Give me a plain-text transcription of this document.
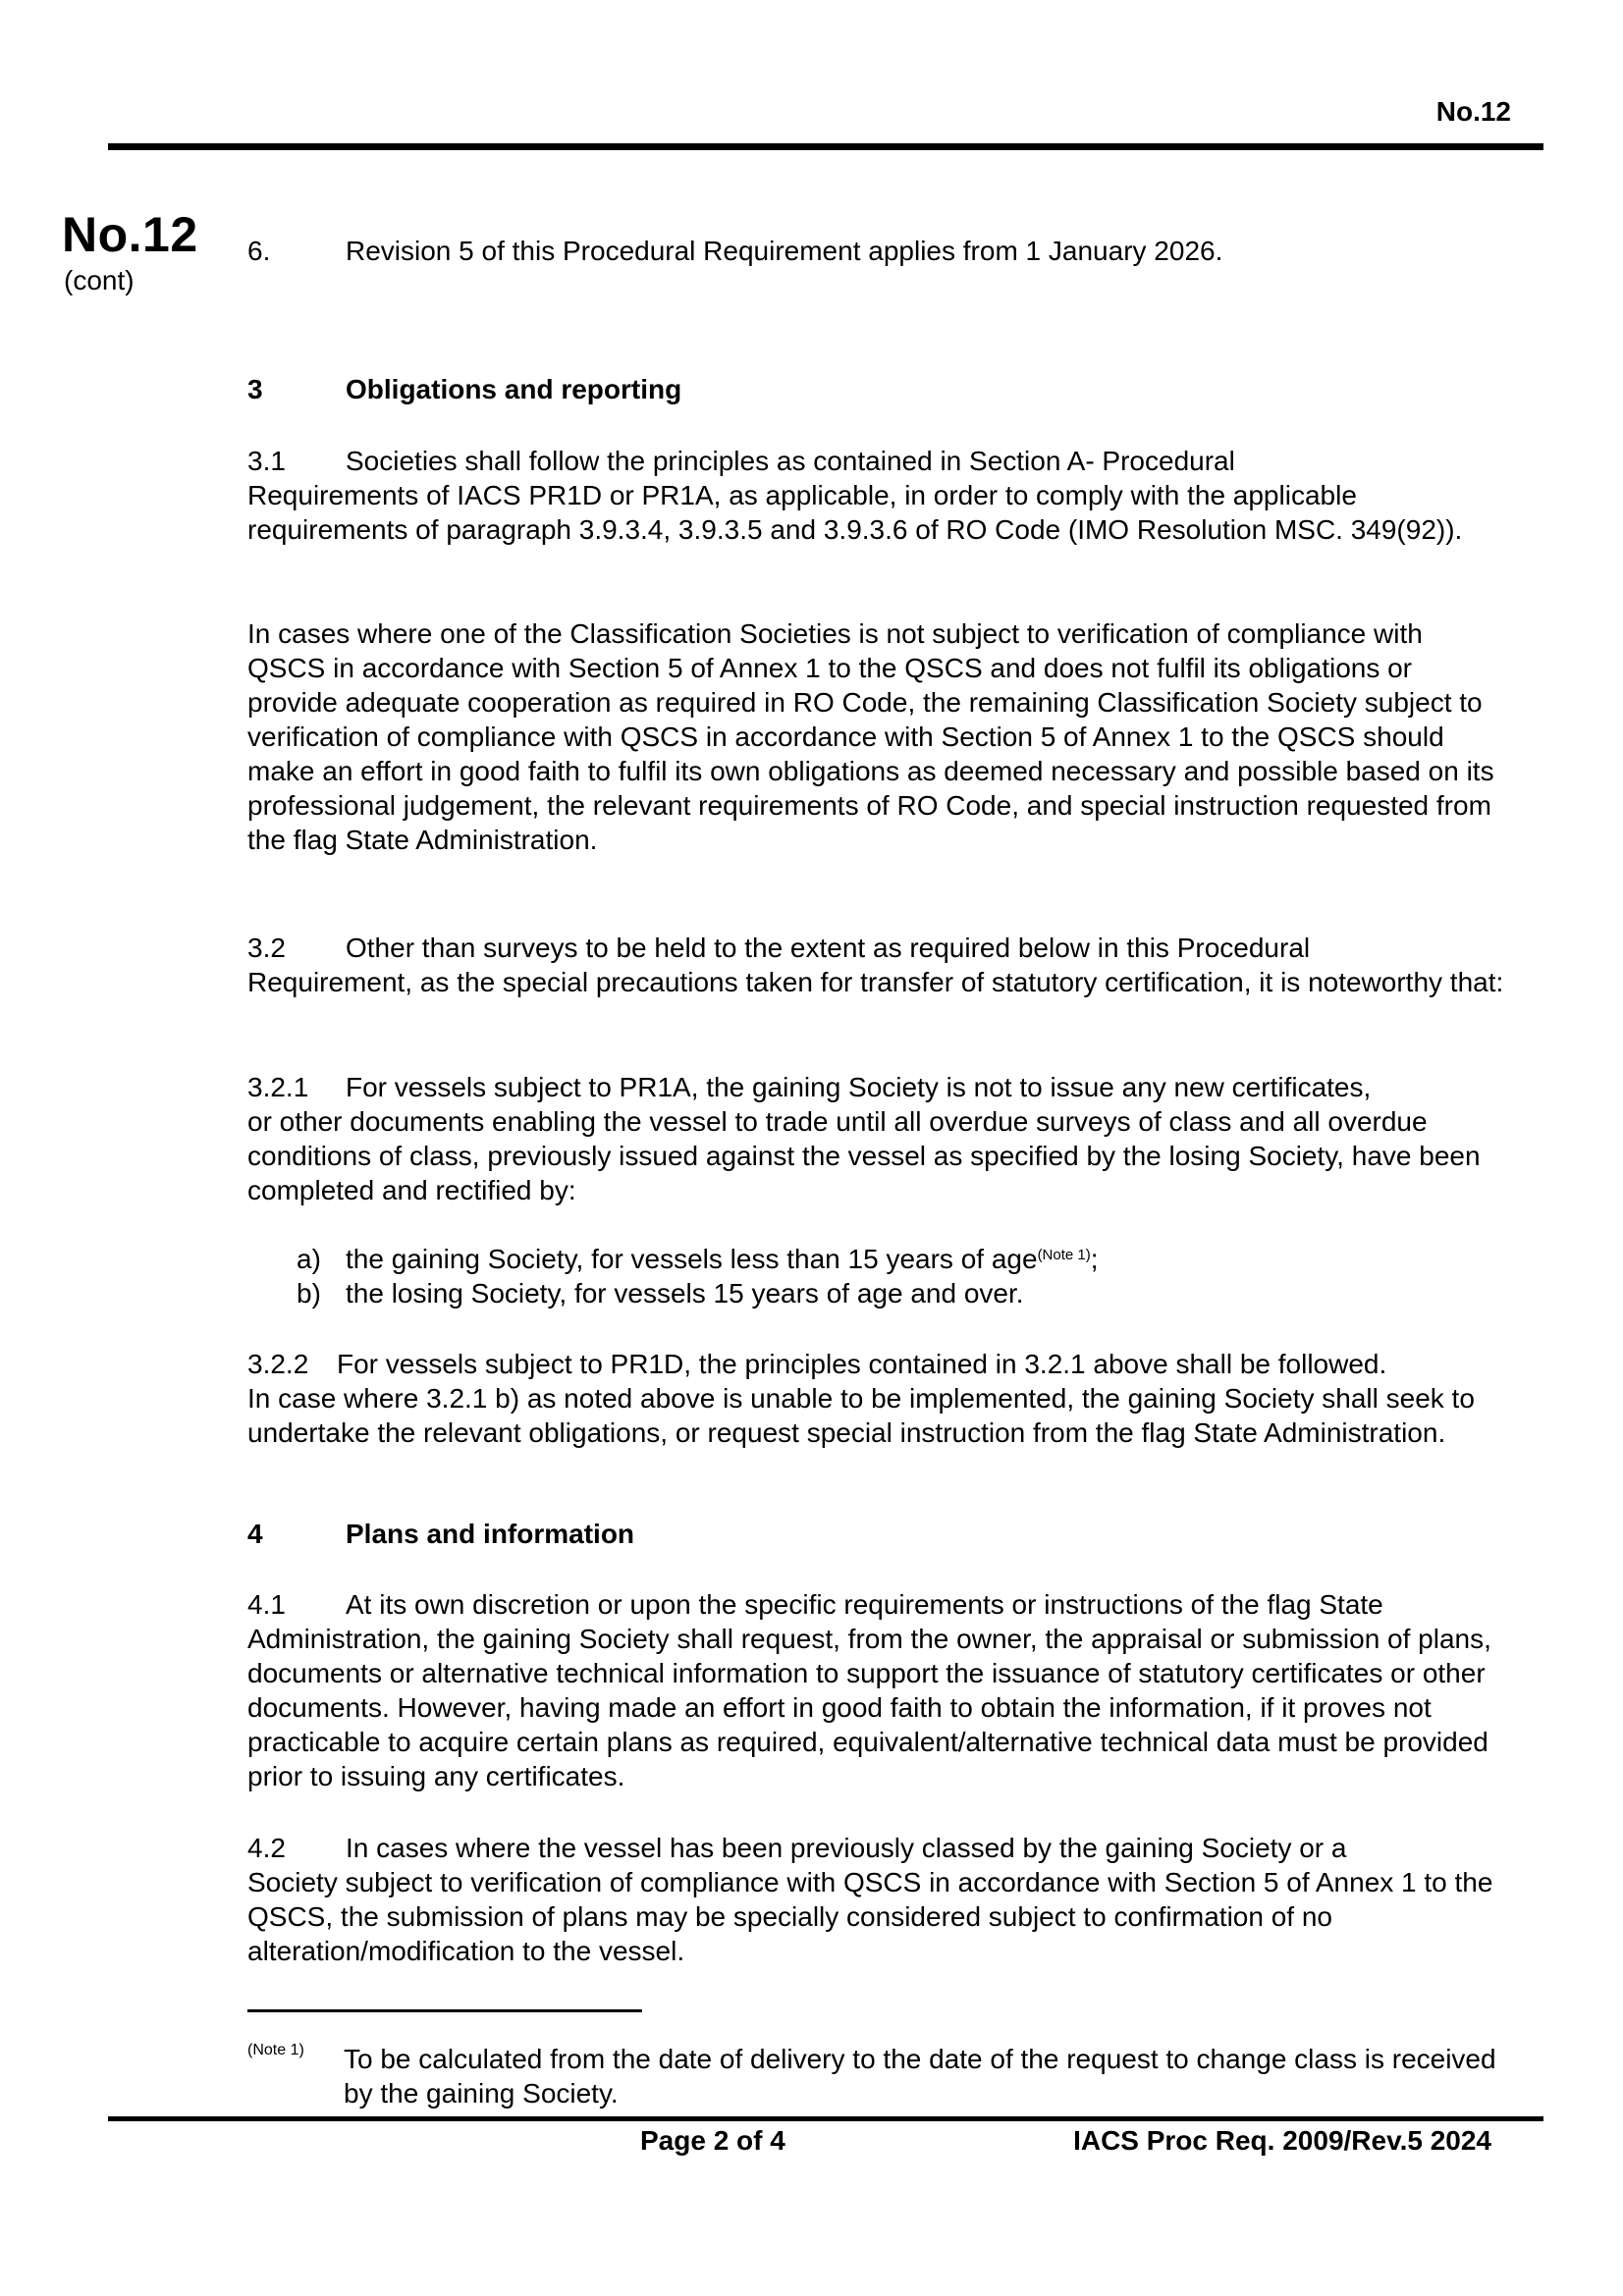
No.12
No.12
(cont)
6.	Revision 5 of this Procedural Requirement applies from 1 January 2026.
3	Obligations and reporting
3.1 Societies shall follow the principles as contained in Section A- Procedural
Requirements of IACS PR1D or PR1A, as applicable, in order to comply with the applicable requirements of paragraph 3.9.3.4, 3.9.3.5 and 3.9.3.6 of RO Code (IMO Resolution MSC. 349(92)).
In cases where one of the Classification Societies is not subject to verification of compliance with QSCS in accordance with Section 5 of Annex 1 to the QSCS and does not fulfil its obligations or provide adequate cooperation as required in RO Code, the remaining Classification Society subject to verification of compliance with QSCS in accordance with Section 5 of Annex 1 to the QSCS should make an effort in good faith to fulfil its own obligations as deemed necessary and possible based on its professional judgement, the relevant requirements of RO Code, and special instruction requested from the flag State Administration.
3.2 Other than surveys to be held to the extent as required below in this Procedural
Requirement, as the special precautions taken for transfer of statutory certification, it is noteworthy that:
3.2.1 For vessels subject to PR1A, the gaining Society is not to issue any new certificates,
or other documents enabling the vessel to trade until all overdue surveys of class and all overdue conditions of class, previously issued against the vessel as specified by the losing Society, have been completed and rectified by:
a) the gaining Society, for vessels less than 15 years of age$^{(Note 1)}$;
b) the losing Society, for vessels 15 years of age and over.
3.2.2 For vessels subject to PR1D, the principles contained in 3.2.1 above shall be followed.
In case where 3.2.1 b) as noted above is unable to be implemented, the gaining Society shall seek to undertake the relevant obligations, or request special instruction from the flag State Administration.
4	Plans and information
4.1 At its own discretion or upon the specific requirements or instructions of the flag State
Administration, the gaining Society shall request, from the owner, the appraisal or submission of plans, documents or alternative technical information to support the issuance of statutory certificates or other documents. However, having made an effort in good faith to obtain the information, if it proves not practicable to acquire certain plans as required, equivalent/alternative technical data must be provided prior to issuing any certificates.
4.2 In cases where the vessel has been previously classed by the gaining Society or a
Society subject to verification of compliance with QSCS in accordance with Section 5 of Annex 1 to the QSCS, the submission of plans may be specially considered subject to confirmation of no alteration/modification to the vessel.
(Note 1) To be calculated from the date of delivery to the date of the request to change class is received by the gaining Society.
Page 2 of 4	IACS Proc Req. 2009/Rev.5 2024
